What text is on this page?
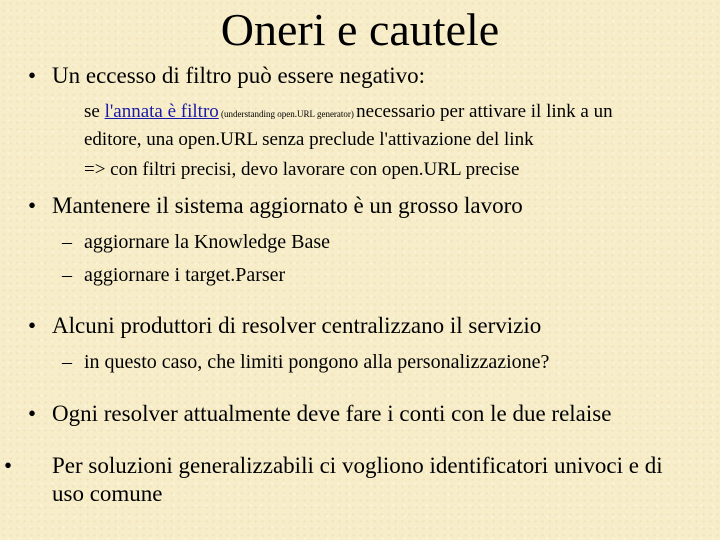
Oneri e cautele
• Un eccesso di filtro può essere negativo:
se l'annata è filtro (understanding open.URL generator) necessario per attivare il link a un
editore, una open.URL senza preclude l'attivazione del link
=> con filtri precisi, devo lavorare con open.URL precise
• Mantenere il sistema aggiornato è un grosso lavoro
– aggiornare la Knowledge Base
– aggiornare i target.Parser
• Alcuni produttori di resolver centralizzano il servizio
– in questo caso, che limiti pongono alla personalizzazione?
• Ogni resolver attualmente deve fare i conti con le due relaise
• Per soluzioni generalizzabili ci vogliono identificatori univoci e di uso comune
